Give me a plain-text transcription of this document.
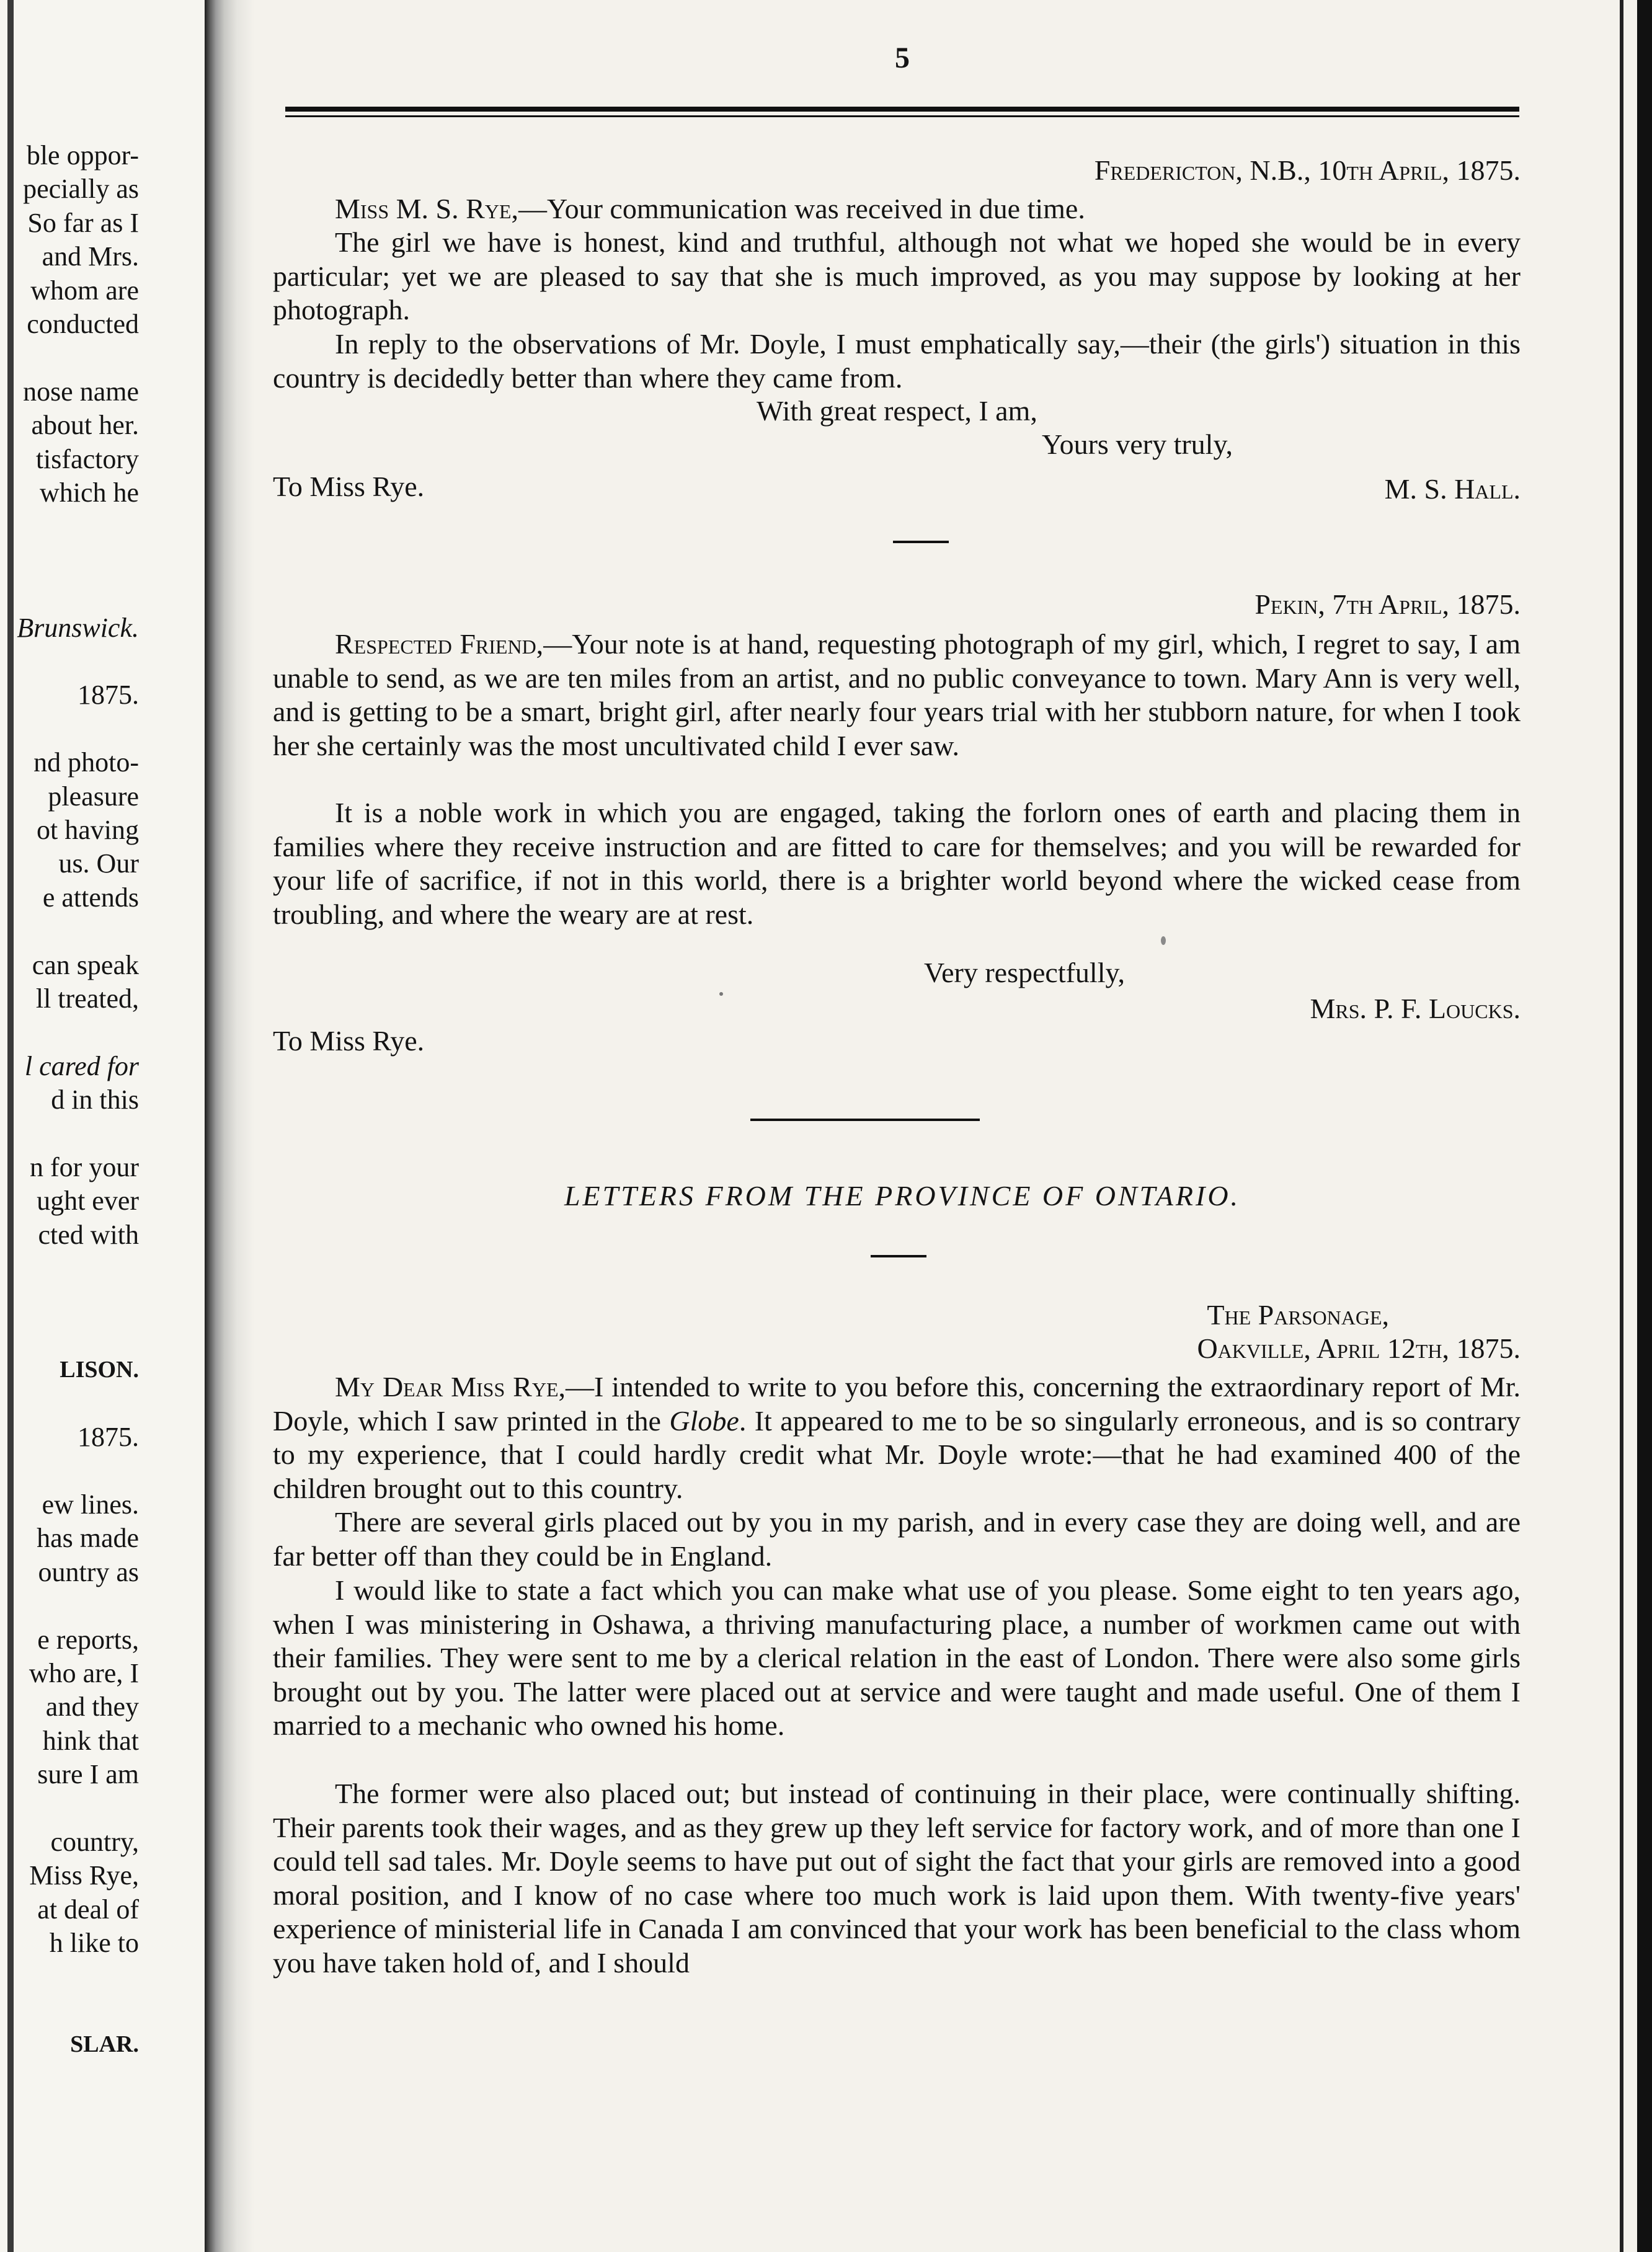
ble oppor-
pecially as
So far as I
and Mrs.
whom are
conducted
nose name
about her.
tisfactory
which he
Brunswick.
1875.
nd photo-
pleasure
ot having
us. Our
e attends
can speak
ll treated,
l cared for
d in this
n for your
ught ever
cted with
LISON.
1875.
ew lines.
has made
ountry as
e reports,
who are, I
and they
hink that
sure I am
country,
Miss Rye,
at deal of
h like to
SLAR.
5
Fredericton, N.B., 10th April, 1875.

Miss M. S. Rye,—Your communication was received in due time.

The girl we have is honest, kind and truthful, although not what we hoped she would be in every particular; yet we are pleased to say that she is much improved, as you may suppose by looking at her photograph.

In reply to the observations of Mr. Doyle, I must emphatically say,—their (the girls') situation in this country is decidedly better than where they came from.

With great respect, I am,
Yours very truly,
To Miss Rye.	M. S. Hall.
Pekin, 7th April, 1875.

Respected Friend,—Your note is at hand, requesting photograph of my girl, which, I regret to say, I am unable to send, as we are ten miles from an artist, and no public conveyance to town. Mary Ann is very well, and is getting to be a smart, bright girl, after nearly four years trial with her stubborn nature, for when I took her she certainly was the most uncultivated child I ever saw.

It is a noble work in which you are engaged, taking the forlorn ones of earth and placing them in families where they receive instruction and are fitted to care for themselves; and you will be rewarded for your life of sacrifice, if not in this world, there is a brighter world beyond where the wicked cease from troubling, and where the weary are at rest.

Very respectfully,
Mrs. P. F. Loucks.
To Miss Rye.
LETTERS FROM THE PROVINCE OF ONTARIO.
The Parsonage,
Oakville, April 12th, 1875.

My Dear Miss Rye,—I intended to write to you before this, concerning the extraordinary report of Mr. Doyle, which I saw printed in the Globe. It appeared to me to be so singularly erroneous, and is so contrary to my experience, that I could hardly credit what Mr. Doyle wrote:—that he had examined 400 of the children brought out to this country.

There are several girls placed out by you in my parish, and in every case they are doing well, and are far better off than they could be in England.

I would like to state a fact which you can make what use of you please. Some eight to ten years ago, when I was ministering in Oshawa, a thriving manufacturing place, a number of workmen came out with their families. They were sent to me by a clerical relation in the east of London. There were also some girls brought out by you. The latter were placed out at service and were taught and made useful. One of them I married to a mechanic who owned his home.

The former were also placed out; but instead of continuing in their place, were continually shifting. Their parents took their wages, and as they grew up they left service for factory work, and of more than one I could tell sad tales. Mr. Doyle seems to have put out of sight the fact that your girls are removed into a good moral position, and I know of no case where too much work is laid upon them. With twenty-five years' experience of ministerial life in Canada I am convinced that your work has been beneficial to the class whom you have taken hold of, and I should
